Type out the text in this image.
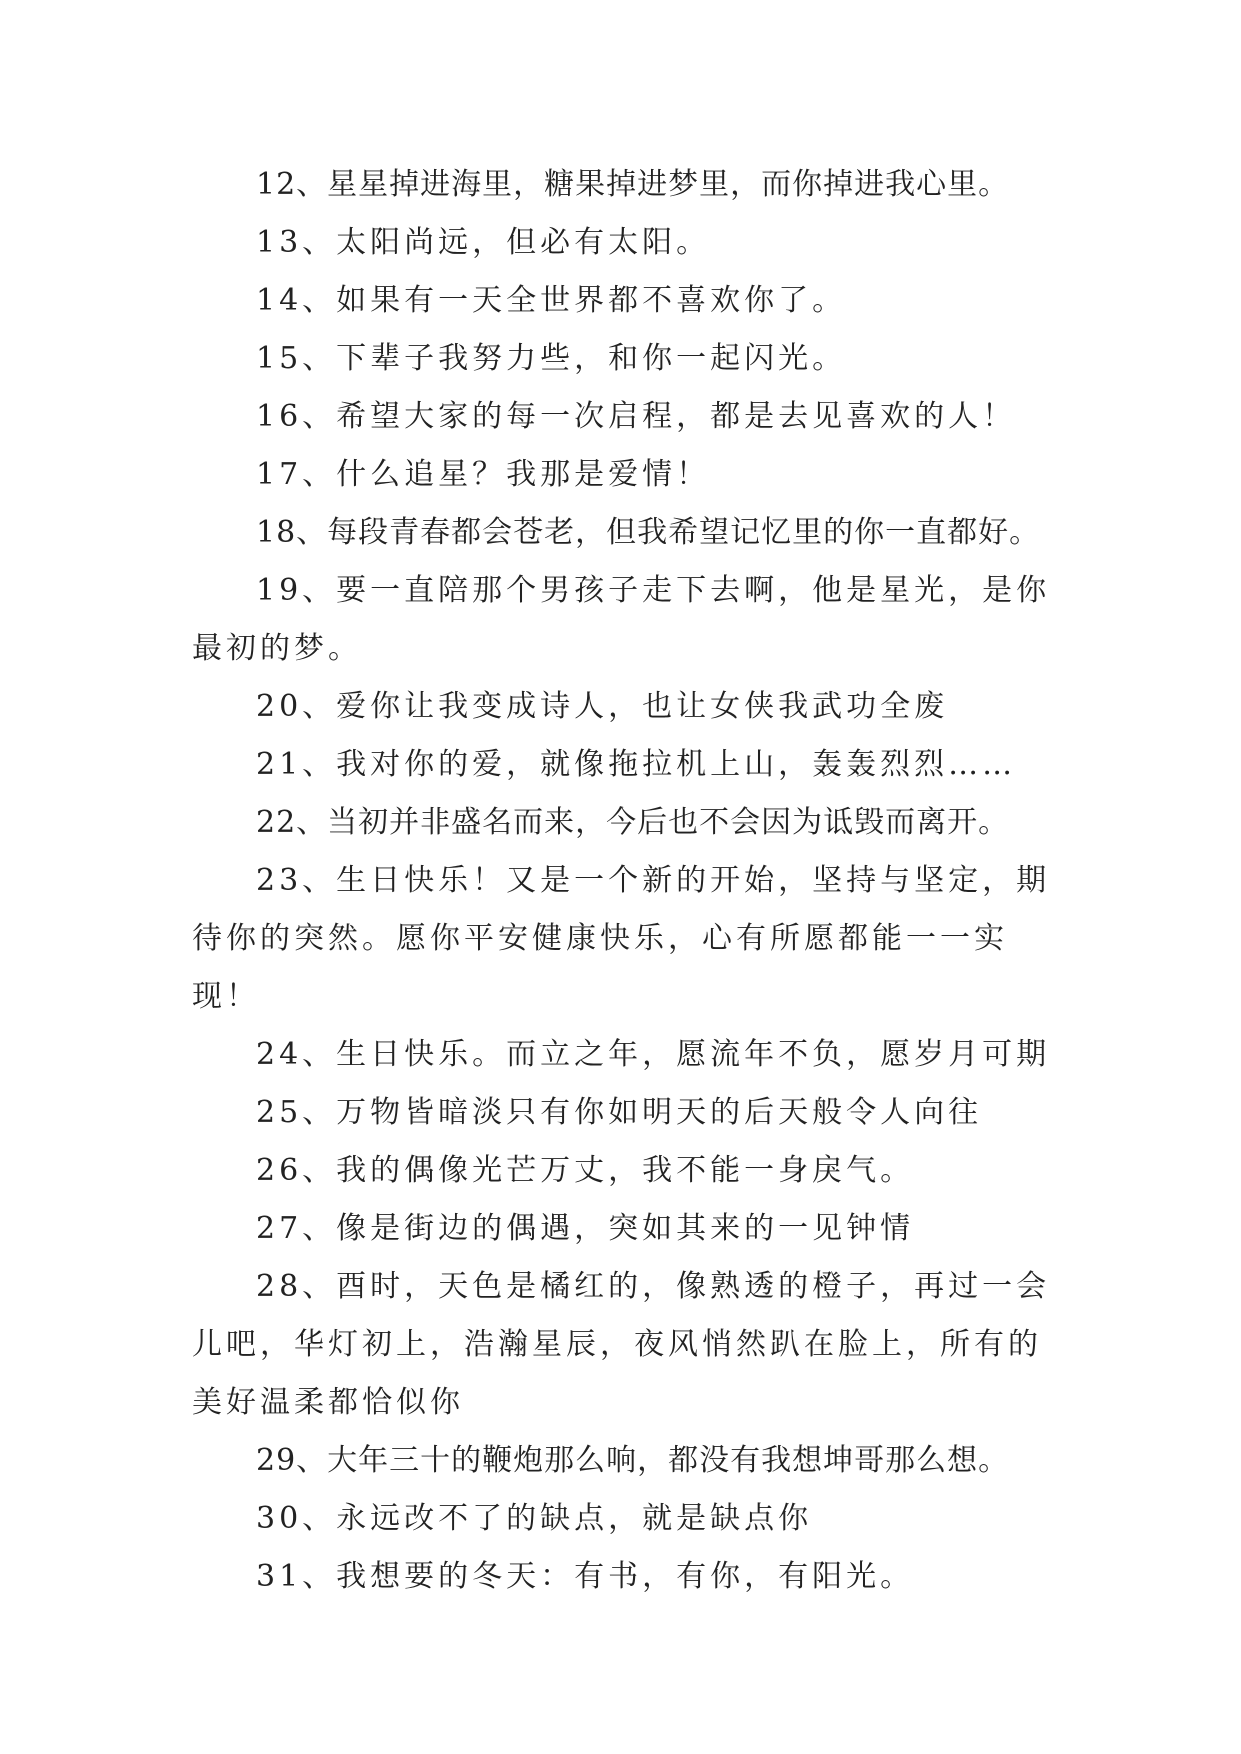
12、星星掉进海里，糖果掉进梦里，而你掉进我心里。

13、太阳尚远，但必有太阳。

14、如果有一天全世界都不喜欢你了。

15、下辈子我努力些，和你一起闪光。

16、希望大家的每一次启程，都是去见喜欢的人！

17、什么追星？我那是爱情！

18、每段青春都会苍老，但我希望记忆里的你一直都好。

19、要一直陪那个男孩子走下去啊，他是星光，是你最初的梦。

20、爱你让我变成诗人，也让女侠我武功全废

21、我对你的爱，就像拖拉机上山，轰轰烈烈……

22、当初并非盛名而来，今后也不会因为诋毁而离开。

23、生日快乐！又是一个新的开始，坚持与坚定，期待你的突然。愿你平安健康快乐，心有所愿都能一一实现！

24、生日快乐。而立之年，愿流年不负，愿岁月可期

25、万物皆暗淡只有你如明天的后天般令人向往

26、我的偶像光芒万丈，我不能一身戾气。

27、像是街边的偶遇，突如其来的一见钟情

28、酉时，天色是橘红的，像熟透的橙子，再过一会儿吧，华灯初上，浩瀚星辰，夜风悄然趴在脸上，所有的美好温柔都恰似你

29、大年三十的鞭炮那么响，都没有我想坤哥那么想。

30、永远改不了的缺点，就是缺点你

31、我想要的冬天：有书，有你，有阳光。
